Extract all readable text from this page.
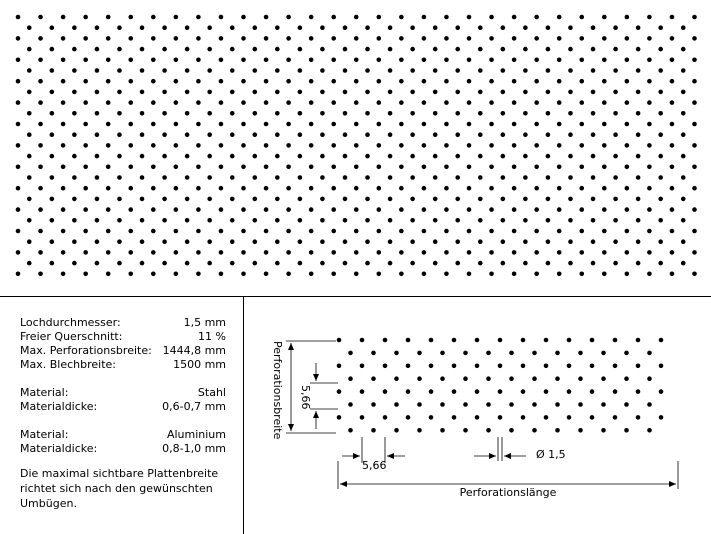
Lochdurchmesser:	1,5 mm
Freier Querschnitt:	11 %
Max. Perforationsbreite: 1444,8 mm
Max. Blechbreite:	1500 mm
Material:	Stahl
Materialdicke:	0,6-0,7 mm
Material:	Aluminium
Materialdicke:	0,8-1,0 mm
Die maximal sichtbare Plattenbreite richtet sich nach den gewünschten Umbügen.
Perforationsbreite 5,66
5,66
Ø 1,5
Perforationslänge
